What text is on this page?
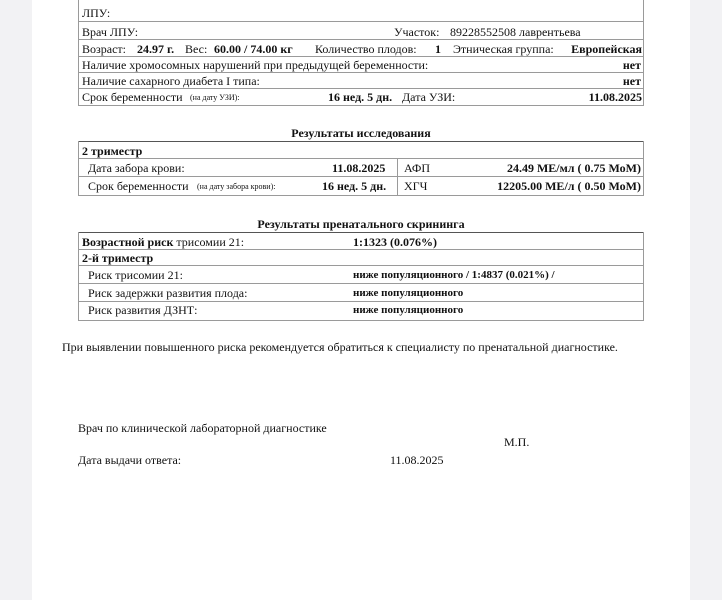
ЛПУ:
Врач ЛПУ:	Участок: 89228552508 лаврентьева
Возраст: 24.97 г. Вес: 60.00 / 74.00 кг Количество плодов: 1 Этническая группа: Европейская
Наличие хромосомных нарушений при предыдущей беременности:	нет
Наличие сахарного диабета I типа:	нет
Срок беременности (на дату УЗИ):	16 нед. 5 дн. Дата УЗИ:	11.08.2025
Результаты исследования
2 триместр
Дата забора крови:	11.08.2025 АФП	24.49 МЕ/мл ( 0.75 МоМ)
Срок беременности (на дату забора крови):	16 нед. 5 дн. ХГЧ	12205.00 МЕ/л ( 0.50 МоМ)
Результаты пренатального скрининга
Возрастной риск трисомии 21:	1:1323 (0.076%)
2-й триместр
Риск трисомии 21:	ниже популяционного / 1:4837 (0.021%) /
Риск задержки развития плода:	ниже популяционного
Риск развития ДЗНТ:	ниже популяционного
При выявлении повышенного риска рекомендуется обратиться к специалисту по пренатальной диагностике.
Врач по клинической лабораторной диагностике
М.П.
Дата выдачи ответа:	11.08.2025
